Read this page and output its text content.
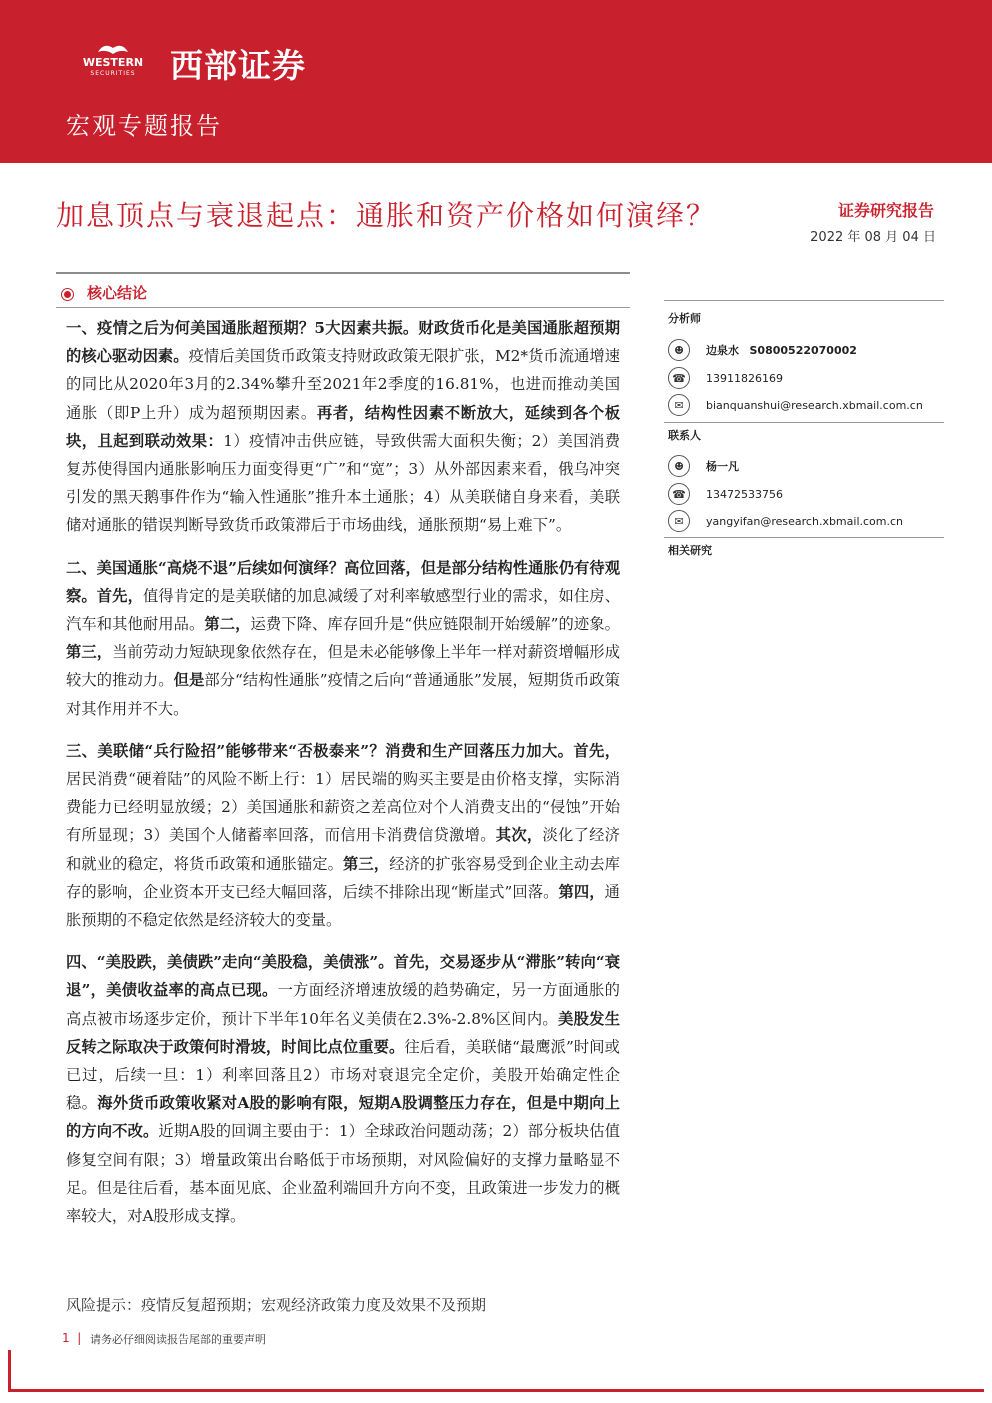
WESTERN
SECURITIES 西部证券
宏观专题报告
加息顶点与衰退起点：通胀和资产价格如何演绎？	证券研究报告
2022 年 08 月 04 日
核心结论

一、疫情之后为何美国通胀超预期？5大因素共振。财政货币化是美国通胀超预期的核心驱动因素。疫情后美国货币政策支持财政政策无限扩张，M2*货币流通增速的同比从2020年3月的2.34%攀升至2021年2季度的16.81%，也进而推动美国通胀（即P上升）成为超预期因素。再者，结构性因素不断放大，延续到各个板块，且起到联动效果：1）疫情冲击供应链，导致供需大面积失衡；2）美国消费复苏使得国内通胀影响压力面变得更“广”和“宽”；3）从外部因素来看，俄乌冲突引发的黑天鹅事件作为“输入性通胀”推升本土通胀；4）从美联储自身来看，美联储对通胀的错误判断导致货币政策滞后于市场曲线，通胀预期“易上难下”。

二、美国通胀“高烧不退”后续如何演绎？高位回落，但是部分结构性通胀仍有待观察。首先，值得肯定的是美联储的加息减缓了对利率敏感型行业的需求，如住房、汽车和其他耐用品。第二，运费下降、库存回升是“供应链限制开始缓解”的迹象。第三，当前劳动力短缺现象依然存在，但是未必能够像上半年一样对薪资增幅形成较大的推动力。但是部分“结构性通胀”疫情之后向“普通通胀”发展，短期货币政策对其作用并不大。

三、美联储“兵行险招”能够带来“否极泰来”？消费和生产回落压力加大。首先，居民消费“硬着陆”的风险不断上行：1）居民端的购买主要是由价格支撑，实际消费能力已经明显放缓；2）美国通胀和薪资之差高位对个人消费支出的“侵蚀”开始有所显现；3）美国个人储蓄率回落，而信用卡消费信贷激增。其次，淡化了经济和就业的稳定，将货币政策和通胀锚定。第三，经济的扩张容易受到企业主动去库存的影响，企业资本开支已经大幅回落，后续不排除出现“断崖式”回落。第四，通胀预期的不稳定依然是经济较大的变量。

四、“美股跌，美债跌”走向“美股稳，美债涨”。首先，交易逐步从“滞胀”转向“衰退”，美债收益率的高点已现。一方面经济增速放缓的趋势确定，另一方面通胀的高点被市场逐步定价，预计下半年10年名义美债在2.3%-2.8%区间内。美股发生反转之际取决于政策何时滑坡，时间比点位重要。往后看，美联储“最鹰派”时间或已过，后续一旦：1）利率回落且2）市场对衰退完全定价，美股开始确定性企稳。海外货币政策收紧对A股的影响有限，短期A股调整压力存在，但是中期向上的方向不改。近期A股的回调主要由于：1）全球政治问题动荡；2）部分板块估值修复空间有限；3）增量政策出台略低于市场预期，对风险偏好的支撑力量略显不足。但是往后看，基本面见底、企业盈利端回升方向不变，且政策进一步发力的概率较大，对A股形成支撑。

风险提示：疫情反复超预期；宏观经济政策力度及效果不及预期
分析师
☻	边泉水 S0800522070002
☎	13911826169
✉	bianquanshui@research.xbmail.com.cn
联系人
☻	杨一凡
☎	13472533756
✉	yangyifan@research.xbmail.com.cn
相关研究
1  | 请务必仔细阅读报告尾部的重要声明
